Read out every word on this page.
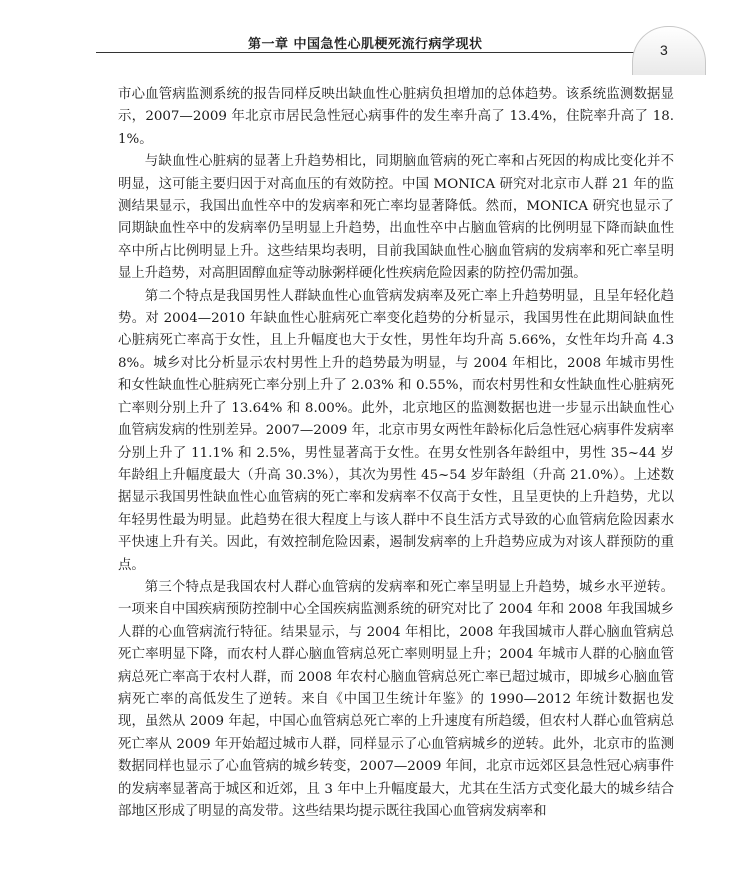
第一章 中国急性心肌梗死流行病学现状	3

市心血管病监测系统的报告同样反映出缺血性心脏病负担增加的总体趋势。该系统监测数据显示，2007—2009 年北京市居民急性冠心病事件的发生率升高了 13.4%，住院率升高了 18.1%。

与缺血性心脏病的显著上升趋势相比，同期脑血管病的死亡率和占死因的构成比变化并不明显，这可能主要归因于对高血压的有效防控。中国 MONICA 研究对北京市人群 21 年的监测结果显示，我国出血性卒中的发病率和死亡率均显著降低。然而，MONICA 研究也显示了同期缺血性卒中的发病率仍呈明显上升趋势，出血性卒中占脑血管病的比例明显下降而缺血性卒中所占比例明显上升。这些结果均表明，目前我国缺血性心脑血管病的发病率和死亡率呈明显上升趋势，对高胆固醇血症等动脉粥样硬化性疾病危险因素的防控仍需加强。

第二个特点是我国男性人群缺血性心血管病发病率及死亡率上升趋势明显，且呈年轻化趋势。对 2004—2010 年缺血性心脏病死亡率变化趋势的分析显示，我国男性在此期间缺血性心脏病死亡率高于女性，且上升幅度也大于女性，男性年均升高 5.66%，女性年均升高 4.38%。城乡对比分析显示农村男性上升的趋势最为明显，与 2004 年相比，2008 年城市男性和女性缺血性心脏病死亡率分别上升了 2.03% 和 0.55%，而农村男性和女性缺血性心脏病死亡率则分别上升了 13.64% 和 8.00%。此外，北京地区的监测数据也进一步显示出缺血性心血管病发病的性别差异。2007—2009 年，北京市男女两性年龄标化后急性冠心病事件发病率分别上升了 11.1% 和 2.5%，男性显著高于女性。在男女性别各年龄组中，男性 35~44 岁年龄组上升幅度最大（升高 30.3%），其次为男性 45~54 岁年龄组（升高 21.0%）。上述数据显示我国男性缺血性心血管病的死亡率和发病率不仅高于女性，且呈更快的上升趋势，尤以年轻男性最为明显。此趋势在很大程度上与该人群中不良生活方式导致的心血管病危险因素水平快速上升有关。因此，有效控制危险因素，遏制发病率的上升趋势应成为对该人群预防的重点。

第三个特点是我国农村人群心血管病的发病率和死亡率呈明显上升趋势，城乡水平逆转。一项来自中国疾病预防控制中心全国疾病监测系统的研究对比了 2004 年和 2008 年我国城乡人群的心血管病流行特征。结果显示，与 2004 年相比，2008 年我国城市人群心脑血管病总死亡率明显下降，而农村人群心脑血管病总死亡率则明显上升；2004 年城市人群的心脑血管病总死亡率高于农村人群，而 2008 年农村心脑血管病总死亡率已超过城市，即城乡心脑血管病死亡率的高低发生了逆转。来自《中国卫生统计年鉴》的 1990—2012 年统计数据也发现，虽然从 2009 年起，中国心血管病总死亡率的上升速度有所趋缓，但农村人群心血管病总死亡率从 2009 年开始超过城市人群，同样显示了心血管病城乡的逆转。此外，北京市的监测数据同样也显示了心血管病的城乡转变，2007—2009 年间，北京市远郊区县急性冠心病事件的发病率显著高于城区和近郊，且 3 年中上升幅度最大，尤其在生活方式变化最大的城乡结合部地区形成了明显的高发带。这些结果均提示既往我国心血管病发病率和
